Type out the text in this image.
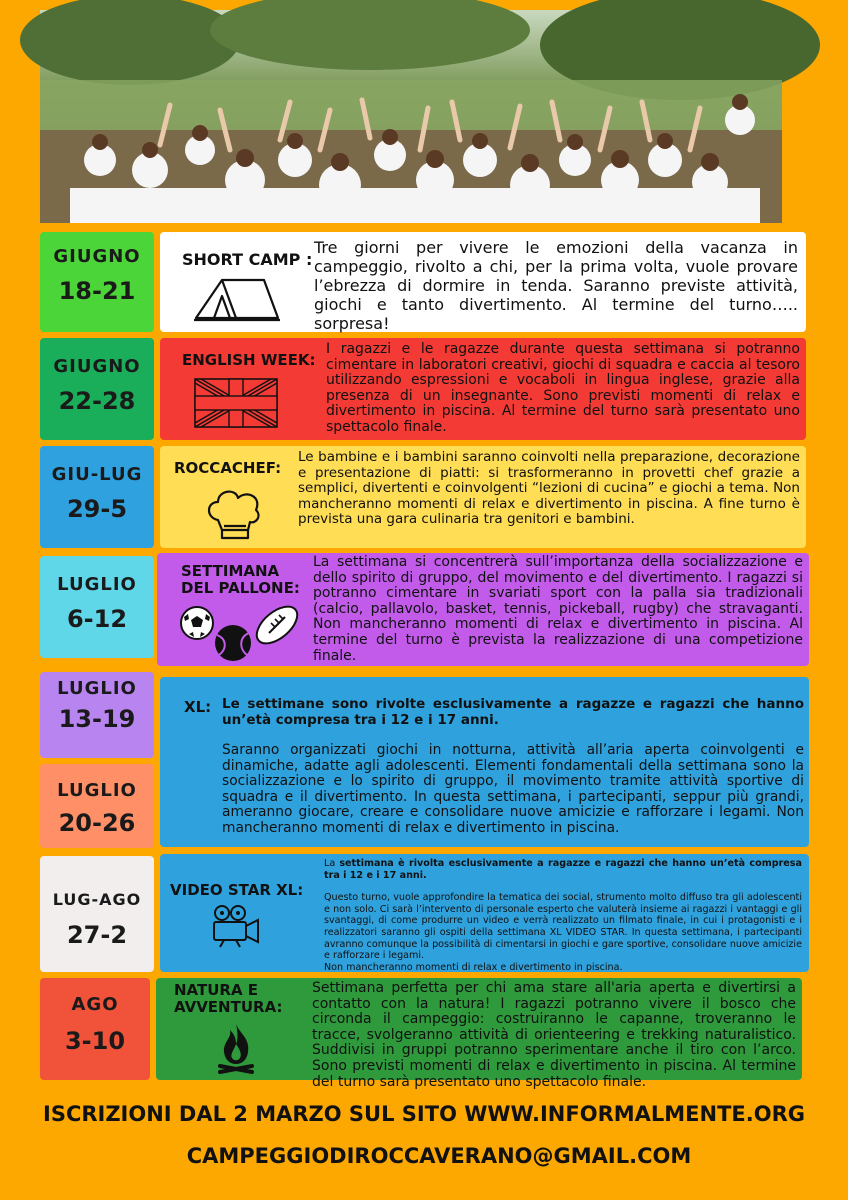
GIUGNO
18-21
SHORT CAMP :
Tre giorni per vivere le emozioni della vacanza in campeggio, rivolto a chi, per la prima volta, vuole provare l’ebrezza di dormire in tenda. Saranno previste attività, giochi e tanto divertimento. Al termine del turno….. sorpresa!
GIUGNO
22-28
ENGLISH WEEK:
I ragazzi e le ragazze durante questa settimana si potranno cimentare in laboratori creativi, giochi di squadra e caccia al tesoro utilizzando espressioni e vocaboli in lingua inglese, grazie alla presenza di un insegnante. Sono previsti momenti di relax e divertimento in piscina. Al termine del turno sarà presentato uno spettacolo finale.
GIU-LUG
29-5
ROCCACHEF:
Le bambine e i bambini saranno coinvolti nella preparazione, decorazione e presentazione di piatti: si trasformeranno in provetti chef grazie a semplici, divertenti e coinvolgenti “lezioni di cucina” e giochi a tema. Non mancheranno momenti di relax e divertimento in piscina. A fine turno è prevista una gara culinaria tra genitori e bambini.
LUGLIO
6-12
SETTIMANA
DEL PALLONE:
La settimana si concentrerà sull’importanza della socializzazione e dello spirito di gruppo, del movimento e del divertimento. I ragazzi si potranno cimentare in svariati sport con la palla sia tradizionali (calcio, pallavolo, basket, tennis, pickeball, rugby) che stravaganti. Non mancheranno momenti di relax e divertimento in piscina. Al termine del turno è prevista la realizzazione di una competizione finale.
LUGLIO
13-19
LUGLIO
20-26
XL: Le settimane sono rivolte esclusivamente a ragazze e ragazzi che hanno un’età compresa tra i 12 e i 17 anni.
Saranno organizzati giochi in notturna, attività all’aria aperta coinvolgenti e dinamiche, adatte agli adolescenti. Elementi fondamentali della settimana sono la socializzazione e lo spirito di gruppo, il movimento tramite attività sportive di squadra e il divertimento. In questa settimana, i partecipanti, seppur più grandi, ameranno giocare, creare e consolidare nuove amicizie e rafforzare i legami. Non mancheranno momenti di relax e divertimento in piscina.
LUG-AGO
27-2
VIDEO STAR XL:
La settimana è rivolta esclusivamente a ragazze e ragazzi che hanno un’età compresa tra i 12 e i 17 anni.
Questo turno, vuole approfondire la tematica dei social, strumento molto diffuso tra gli adolescenti e non solo. Ci sarà l’intervento di personale esperto che valuterà insieme ai ragazzi i vantaggi e gli svantaggi, di come produrre un video e verrà realizzato un filmato finale, in cui i protagonisti e i realizzatori saranno gli ospiti della settimana XL VIDEO STAR. In questa settimana, i partecipanti avranno comunque la possibilità di cimentarsi in giochi e gare sportive, consolidare nuove amicizie e rafforzare i legami.
Non mancheranno momenti di relax e divertimento in piscina.
AGO
3-10
NATURA E
AVVENTURA:
Settimana perfetta per chi ama stare all'aria aperta e divertirsi a contatto con la natura! I ragazzi potranno vivere il bosco che circonda il campeggio: costruiranno le capanne, troveranno le tracce, svolgeranno attività di orienteering e trekking naturalistico. Suddivisi in gruppi potranno sperimentare anche il tiro con l’arco. Sono previsti momenti di relax e divertimento in piscina. Al termine del turno sarà presentato uno spettacolo finale.
ISCRIZIONI DAL 2 MARZO SUL SITO WWW.INFORMALMENTE.ORG
CAMPEGGIODIROCCAVERANO@GMAIL.COM
